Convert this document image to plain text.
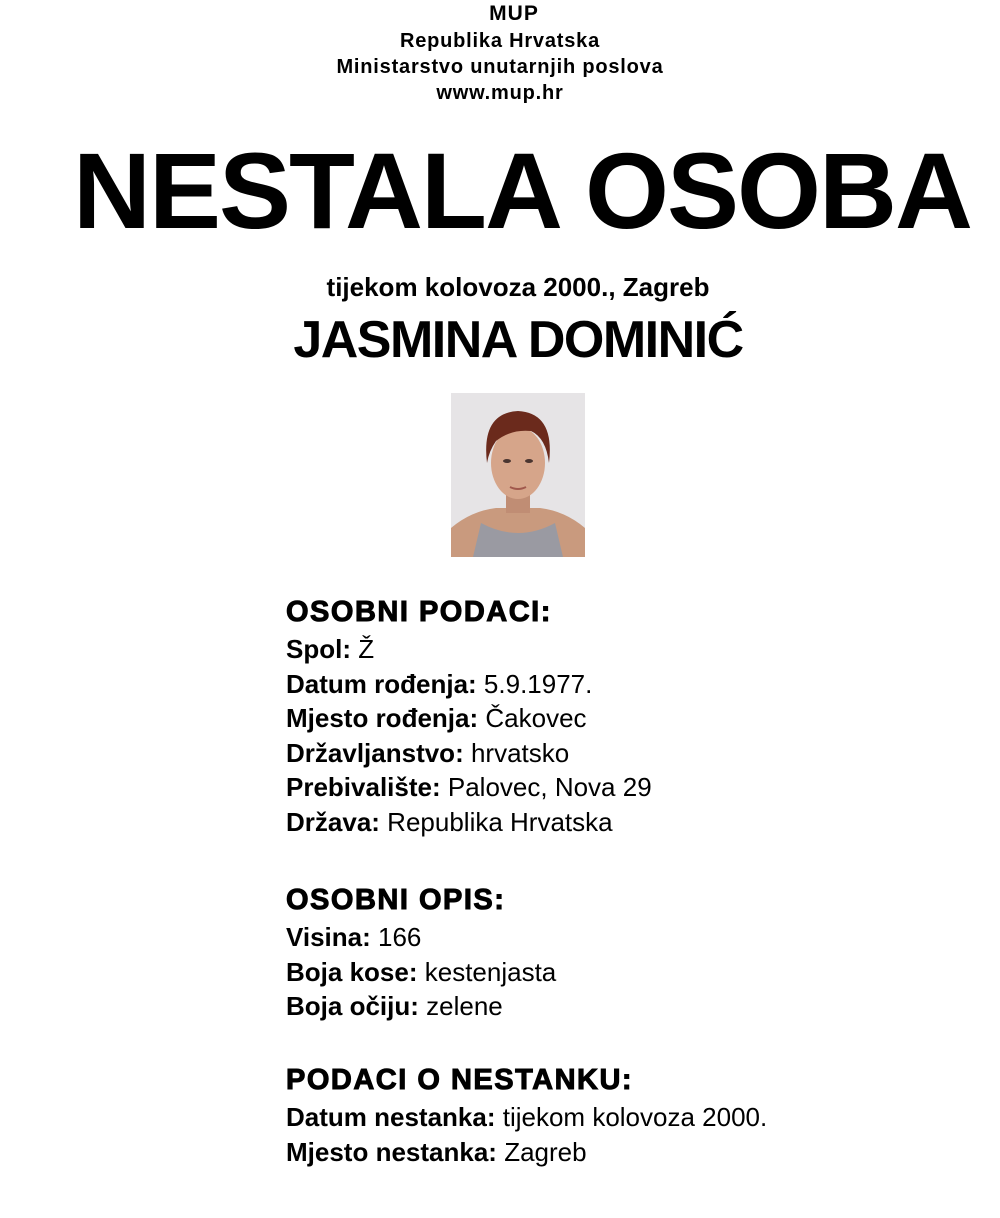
MUP
Republika Hrvatska
Ministarstvo unutarnjih poslova
www.mup.hr
NESTALA OSOBA
tijekom kolovoza 2000., Zagreb
JASMINA DOMINIĆ
OSOBNI PODACI:
Spol: Ž
Datum rođenja: 5.9.1977.
Mjesto rođenja: Čakovec
Državljanstvo: hrvatsko
Prebivalište: Palovec, Nova 29
Država: Republika Hrvatska
OSOBNI OPIS:
Visina: 166
Boja kose: kestenjasta
Boja očiju: zelene
PODACI O NESTANKU:
Datum nestanka: tijekom kolovoza 2000.
Mjesto nestanka: Zagreb
